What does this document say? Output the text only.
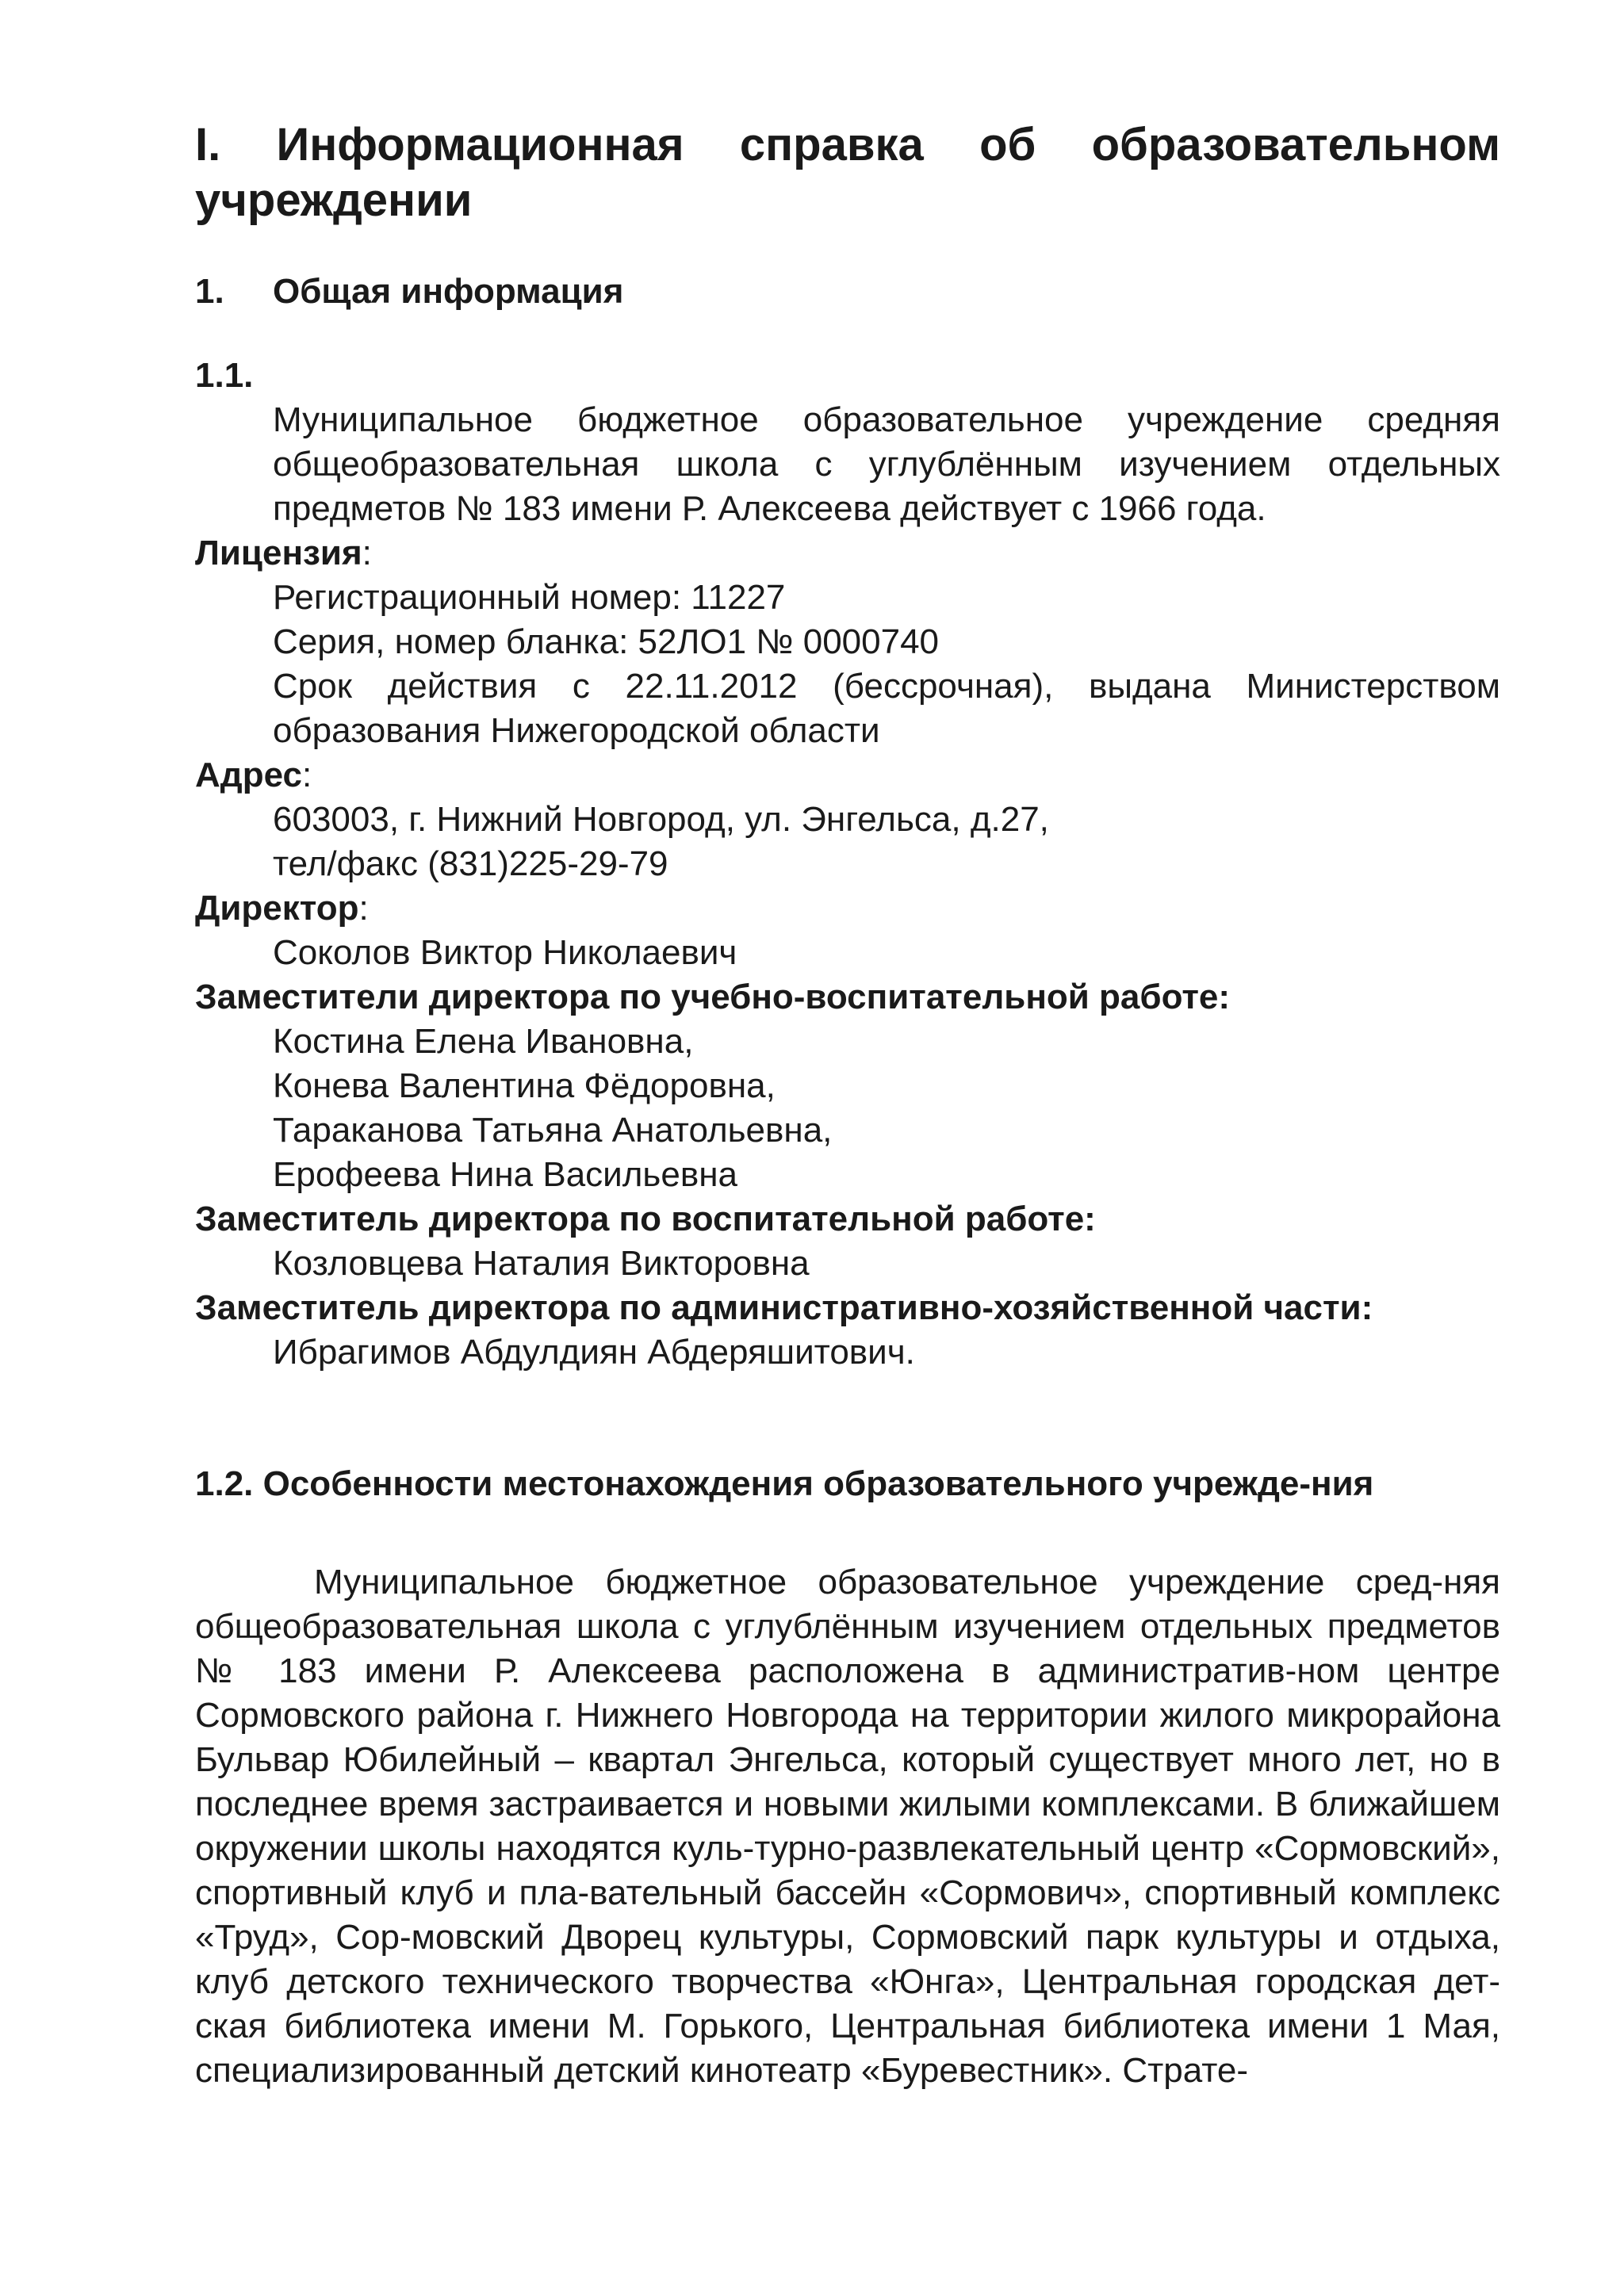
I. Информационная справка об образовательном учреждении
1. Общая информация
1.1.
Муниципальное бюджетное образовательное учреждение средняя общеобразовательная школа с углублённым изучением отдельных предметов № 183 имени Р. Алексеева действует с 1966 года.
Лицензия:
Регистрационный номер: 11227
Серия, номер бланка: 52ЛО1 № 0000740
Срок действия с 22.11.2012 (бессрочная), выдана Министерством образования Нижегородской области
Адрес:
603003, г. Нижний Новгород, ул. Энгельса, д.27,
тел/факс (831)225-29-79
Директор:
Соколов Виктор Николаевич
Заместители директора по учебно-воспитательной работе:
Костина Елена Ивановна,
Конева Валентина Фёдоровна,
Тараканова Татьяна Анатольевна,
Ерофеева Нина Васильевна
Заместитель директора по воспитательной работе:
Козловцева Наталия Викторовна
Заместитель директора по административно-хозяйственной части:
Ибрагимов Абдулдиян Абдеряшитович.
1.2. Особенности местонахождения образовательного учрежде-ния
Муниципальное бюджетное образовательное учреждение сред-няя общеобразовательная школа с углублённым изучением отдельных предметов № 183 имени Р. Алексеева расположена в административ-ном центре Сормовского района г. Нижнего Новгорода на территории жилого микрорайона Бульвар Юбилейный – квартал Энгельса, который существует много лет, но в последнее время застраивается и новыми жилыми комплексами. В ближайшем окружении школы находятся куль-турно-развлекательный центр «Сормовский», спортивный клуб и пла-вательный бассейн «Сормович», спортивный комплекс «Труд», Сор-мовский Дворец культуры, Сормовский парк культуры и отдыха, клуб детского технического творчества «Юнга», Центральная городская дет-ская библиотека имени М. Горького, Центральная библиотека имени 1 Мая, специализированный детский кинотеатр «Буревестник». Страте-
